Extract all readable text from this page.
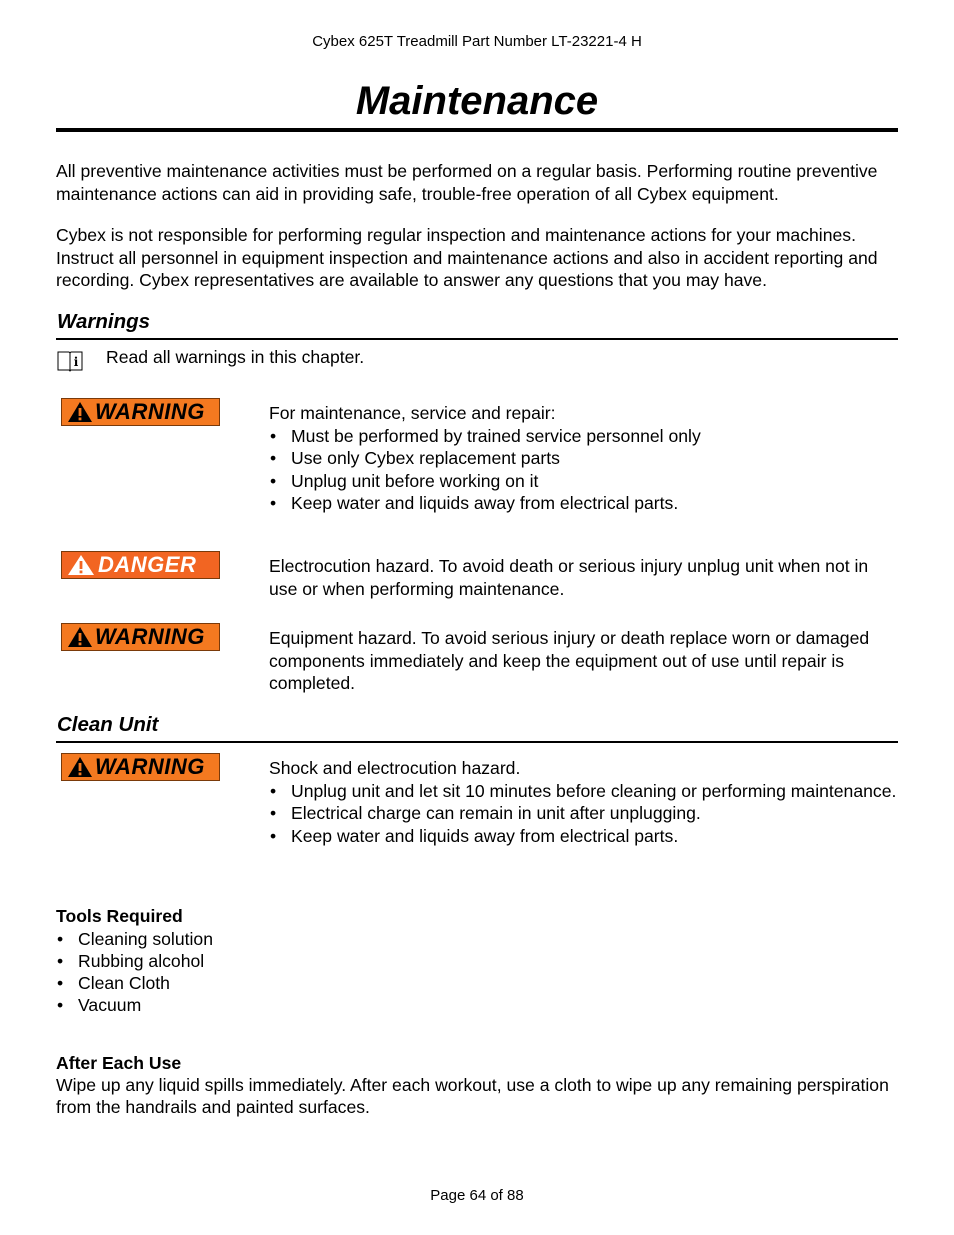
Cybex 625T Treadmill Part Number LT-23221-4 H
Maintenance
All preventive maintenance activities must be performed on a regular basis. Performing routine preventive maintenance actions can aid in providing safe, trouble-free operation of all Cybex equipment.
Cybex is not responsible for performing regular inspection and maintenance actions for your machines. Instruct all personnel in equipment inspection and maintenance actions and also in accident reporting and recording. Cybex representatives are available to answer any questions that you may have.
Warnings
i Read all warnings in this chapter.
WARNING	For maintenance, service and repair:
• Must be performed by trained service personnel only
• Use only Cybex replacement parts
• Unplug unit before working on it
• Keep water and liquids away from electrical parts.
DANGER	Electrocution hazard. To avoid death or serious injury unplug unit when not in use or when performing maintenance.
WARNING	Equipment hazard. To avoid serious injury or death replace worn or damaged components immediately and keep the equipment out of use until repair is completed.
Clean Unit
WARNING	Shock and electrocution hazard.
• Unplug unit and let sit 10 minutes before cleaning or performing maintenance.
• Electrical charge can remain in unit after unplugging.
• Keep water and liquids away from electrical parts.
Tools Required
• Cleaning solution
• Rubbing alcohol
• Clean Cloth
• Vacuum
After Each Use
Wipe up any liquid spills immediately. After each workout, use a cloth to wipe up any remaining perspiration from the handrails and painted surfaces.
Page 64 of 88
